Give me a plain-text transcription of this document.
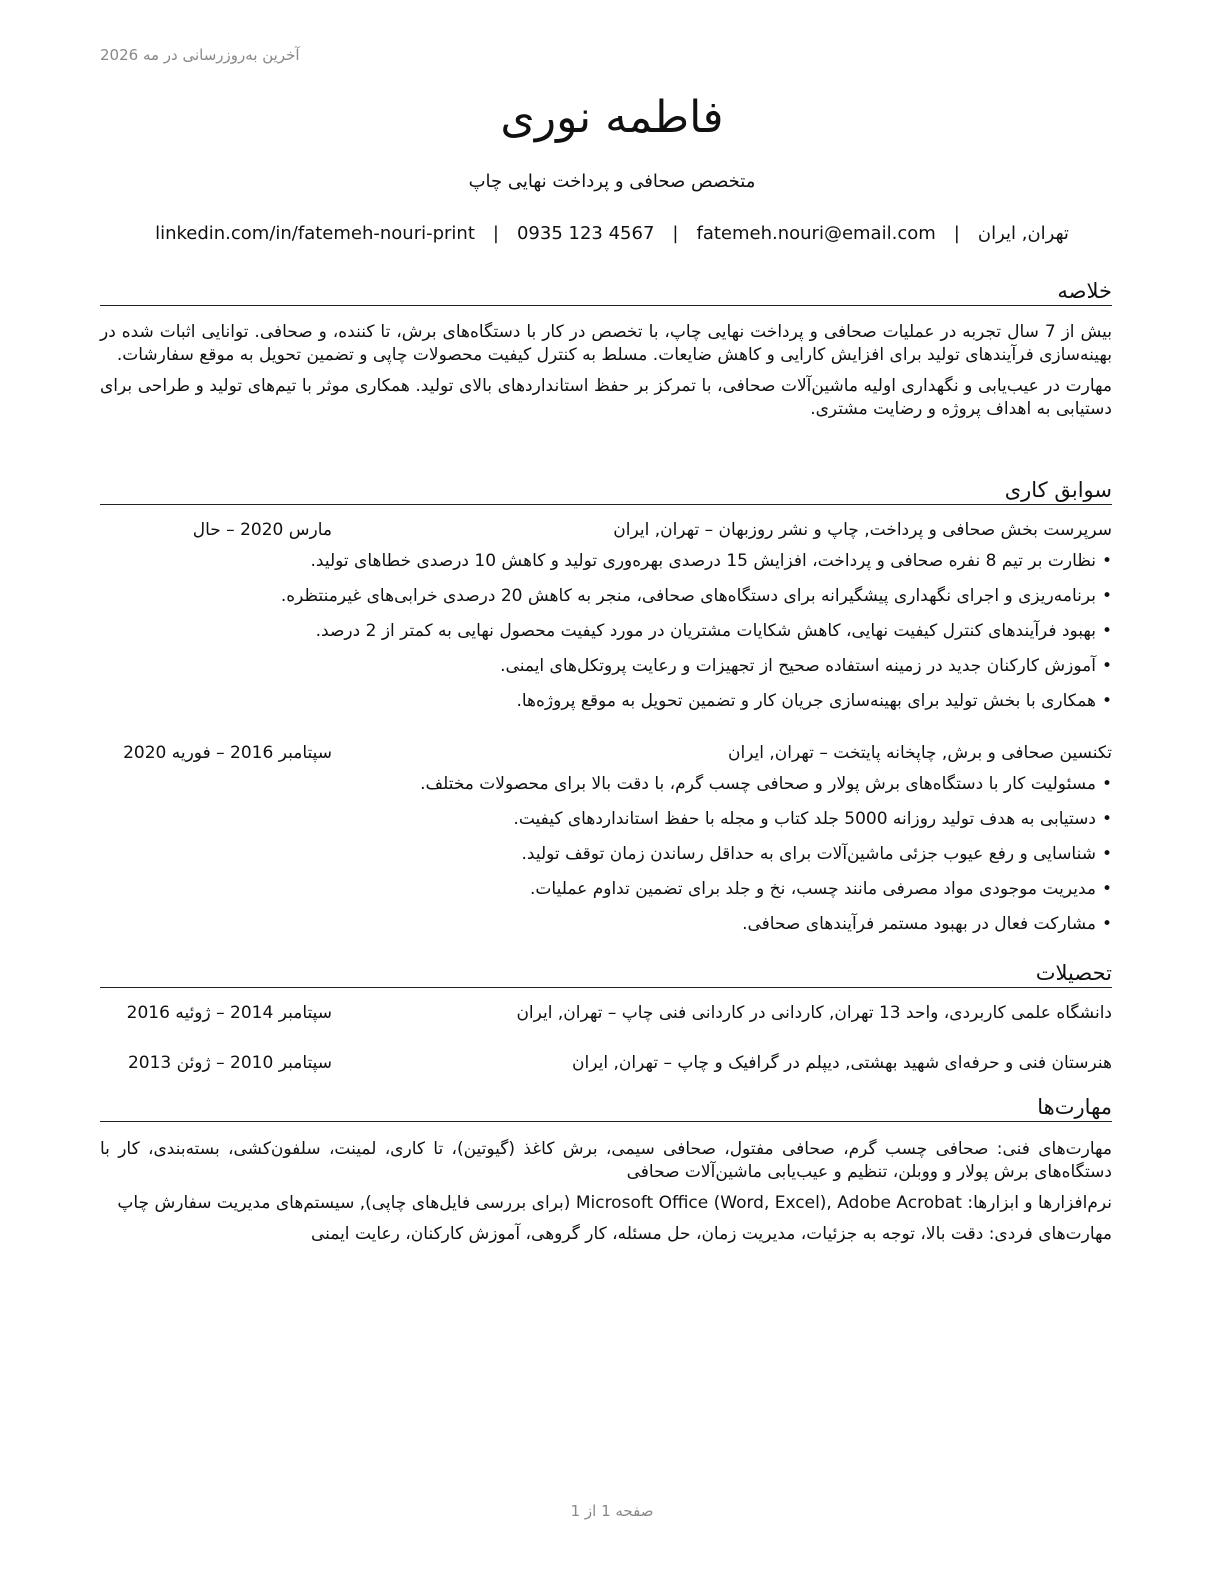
آخرین به‌روزرسانی در مه 2026
فاطمه نوری
متخصص صحافی و پرداخت نهایی چاپ
تهران, ایران|fatemeh.nouri@email.com|0935 123 4567|linkedin.com/in/fatemeh-nouri-print
خلاصه

بیش از 7 سال تجربه در عملیات صحافی و پرداخت نهایی چاپ، با تخصص در کار با دستگاه‌های برش، تا کننده، و صحافی. توانایی اثبات شده در بهینه‌سازی فرآیندهای تولید برای افزایش کارایی و کاهش ضایعات. مسلط به کنترل کیفیت محصولات چاپی و تضمین تحویل به موقع سفارشات.

مهارت در عیب‌یابی و نگهداری اولیه ماشین‌آلات صحافی، با تمرکز بر حفظ استانداردهای بالای تولید. همکاری موثر با تیم‌های تولید و طراحی برای دستیابی به اهداف پروژه و رضایت مشتری.

سوابق کاری
سرپرست بخش صحافی و پرداخت, چاپ و نشر روزبهان – تهران, ایران
مارس 2020 – حال
•نظارت بر تیم 8 نفره صحافی و پرداخت، افزایش 15 درصدی بهره‌وری تولید و کاهش 10 درصدی خطاهای تولید.
•برنامه‌ریزی و اجرای نگهداری پیشگیرانه برای دستگاه‌های صحافی، منجر به کاهش 20 درصدی خرابی‌های غیرمنتظره.
•بهبود فرآیندهای کنترل کیفیت نهایی، کاهش شکایات مشتریان در مورد کیفیت محصول نهایی به کمتر از 2 درصد.
•آموزش کارکنان جدید در زمینه استفاده صحیح از تجهیزات و رعایت پروتکل‌های ایمنی.
•همکاری با بخش تولید برای بهینه‌سازی جریان کار و تضمین تحویل به موقع پروژه‌ها.
تکنسین صحافی و برش, چاپخانه پایتخت – تهران, ایران
سپتامبر 2016 – فوریه 2020
•مسئولیت کار با دستگاه‌های برش پولار و صحافی چسب گرم، با دقت بالا برای محصولات مختلف.
•دستیابی به هدف تولید روزانه 5000 جلد کتاب و مجله با حفظ استانداردهای کیفیت.
•شناسایی و رفع عیوب جزئی ماشین‌آلات برای به حداقل رساندن زمان توقف تولید.
•مدیریت موجودی مواد مصرفی مانند چسب، نخ و جلد برای تضمین تداوم عملیات.
•مشارکت فعال در بهبود مستمر فرآیندهای صحافی.
تحصیلات
دانشگاه علمی کاربردی، واحد 13 تهران, کاردانی در کاردانی فنی چاپ – تهران, ایران
سپتامبر 2014 – ژوئیه 2016
هنرستان فنی و حرفه‌ای شهید بهشتی, دیپلم در گرافیک و چاپ – تهران, ایران
سپتامبر 2010 – ژوئن 2013
مهارت‌ها

مهارت‌های فنی: صحافی چسب گرم، صحافی مفتول، صحافی سیمی، برش کاغذ (گیوتین)، تا کاری، لمینت، سلفون‌کشی، بسته‌بندی، کار با دستگاه‌های برش پولار و ووبلن، تنظیم و عیب‌یابی ماشین‌آلات صحافی

نرم‌افزارها و ابزارها: Microsoft Office (Word, Excel), Adobe Acrobat (برای بررسی فایل‌های چاپی), سیستم‌های مدیریت سفارش چاپ

مهارت‌های فردی: دقت بالا، توجه به جزئیات، مدیریت زمان، حل مسئله، کار گروهی، آموزش کارکنان، رعایت ایمنی

صفحه 1 از 1
